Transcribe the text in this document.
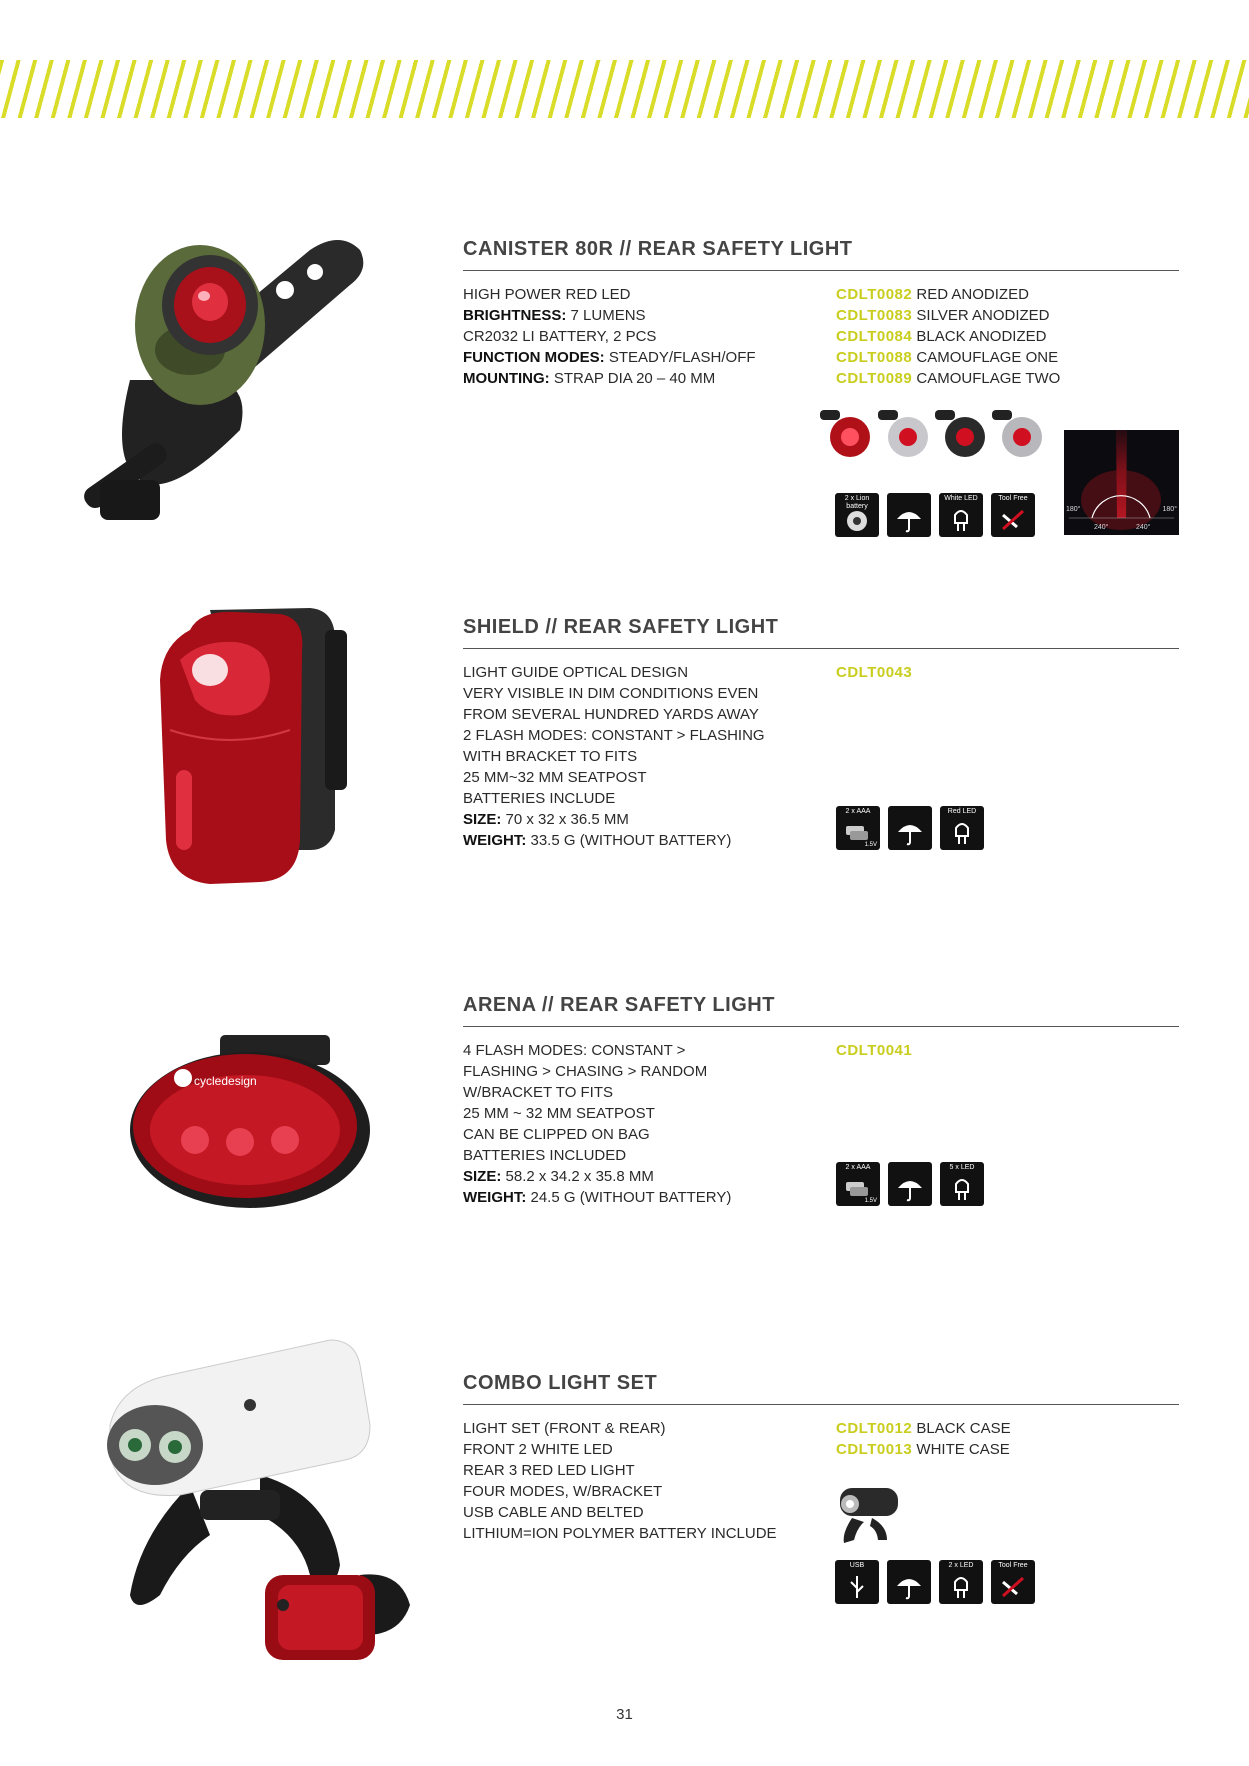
CANISTER 80R // REAR SAFETY LIGHT
HIGH POWER RED LED
BRIGHTNESS: 7 LUMENS
CR2032 LI BATTERY, 2 PCS
FUNCTION MODES: STEADY/FLASH/OFF
MOUNTING: STRAP DIA 20 – 40 MM
CDLT0082 RED ANODIZED
CDLT0083 SILVER ANODIZED
CDLT0084 BLACK ANODIZED
CDLT0088 CAMOUFLAGE ONE
CDLT0089 CAMOUFLAGE TWO
180°	180°
240°	240°
2 x Lion battery
White LED	Tool Free
SHIELD // REAR SAFETY LIGHT
LIGHT GUIDE OPTICAL DESIGN
VERY VISIBLE IN DIM CONDITIONS EVEN
FROM SEVERAL HUNDRED YARDS AWAY
2 FLASH MODES: CONSTANT > FLASHING
WITH BRACKET TO FITS
25 MM~32 MM SEATPOST
BATTERIES INCLUDE
SIZE: 70 x 32 x 36.5 MM
WEIGHT: 33.5 G (WITHOUT BATTERY)
CDLT0043
2 x AAA
1.5V
Red LED
cycledesign
ARENA // REAR SAFETY LIGHT
4 FLASH MODES: CONSTANT >
FLASHING > CHASING > RANDOM
W/BRACKET TO FITS
25 MM ~ 32 MM SEATPOST
CAN BE CLIPPED ON BAG
BATTERIES INCLUDED
SIZE: 58.2 x 34.2 x 35.8 MM
WEIGHT: 24.5 G (WITHOUT BATTERY)
CDLT0041
2 x AAA
1.5V
5 x LED
COMBO LIGHT SET
LIGHT SET (FRONT & REAR)
FRONT 2 WHITE LED
REAR 3 RED LED LIGHT
FOUR MODES, W/BRACKET
USB CABLE AND BELTED
LITHIUM=ION POLYMER BATTERY INCLUDE
CDLT0012 BLACK CASE
CDLT0013 WHITE CASE
USB	2 x LED	Tool Free
31
